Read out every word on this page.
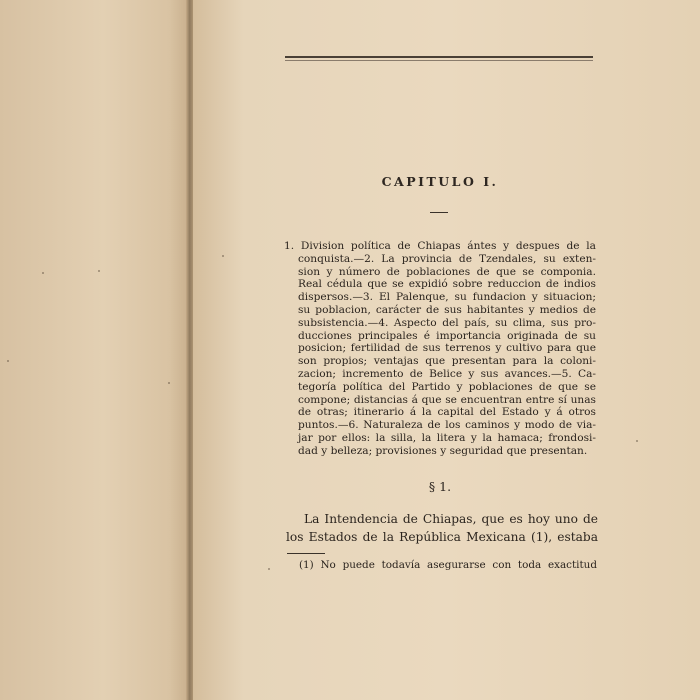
CAPITULO I.
1. Division política de Chiapas ántes y despues de la
conquista.—2. La provincia de Tzendales, su exten-
sion y número de poblaciones de que se componia.
Real cédula que se expidió sobre reduccion de indios
dispersos.—3. El Palenque, su fundacion y situacion;
su poblacion, carácter de sus habitantes y medios de
subsistencia.—4. Aspecto del país, su clima, sus pro-
ducciones principales é importancia originada de su
posicion; fertilidad de sus terrenos y cultivo para que
son propios; ventajas que presentan para la coloni-
zacion; incremento de Belice y sus avances.—5. Ca-
tegoría política del Partido y poblaciones de que se
compone; distancias á que se encuentran entre sí unas
de otras; itinerario á la capital del Estado y á otros
puntos.—6. Naturaleza de los caminos y modo de via-
jar por ellos: la silla, la litera y la hamaca; frondosi-
dad y belleza; provisiones y seguridad que presentan.
§ 1.
La Intendencia de Chiapas, que es hoy uno de
los Estados de la República Mexicana (1), estaba
(1) No puede todavía asegurarse con toda exactitud
